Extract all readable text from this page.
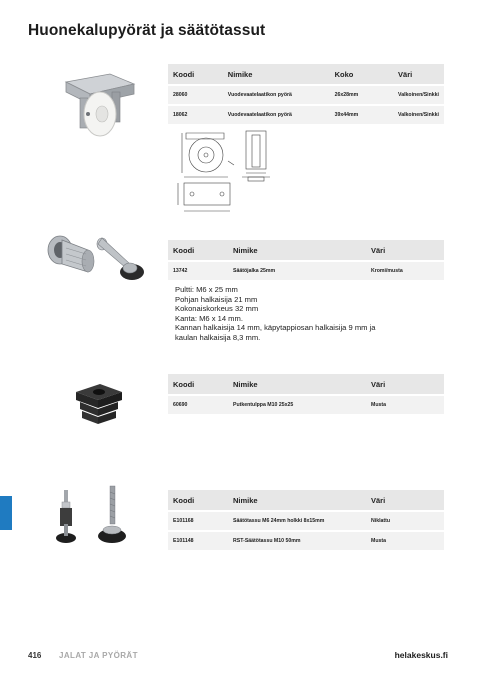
Huonekalupyörät ja säätötassut
Koodi	Nimike	Koko	Väri
28060	Vuodevaatelaatikon pyörä	26x28mm	Valkoinen/Sinkki
18062	Vuodevaatelaatikon pyörä	39x44mm	Valkoinen/Sinkki
Koodi	Nimike	Väri
13742	Säätöjalka 25mm	Kromi/musta
Pultti: M6 x 25 mm
Pohjan halkaisija 21 mm
Kokonaiskorkeus 32 mm
Kanta: M6 x 14 mm.
Kannan halkaisija 14 mm, käpytappiosan halkaisija 9 mm ja
kaulan halkaisija 8,3 mm.
Koodi	Nimike	Väri
60690	Putkentulppa M10 25x25	Musta
Koodi	Nimike	Väri
E101168	Säätötassu M6 24mm holkki 8x15mm	Niklattu
E101148	RST-Säätötassu M10 50mm	Musta
416 JALAT JA PYÖRÄT	helakeskus.fi
